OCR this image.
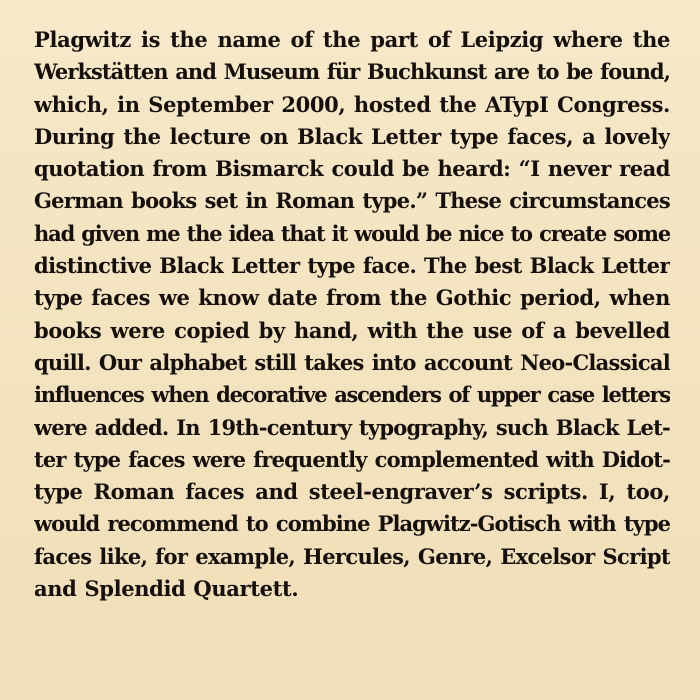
Plagwitz is the name of the part of Leipzig where the
Werkstätten and Museum für Buchkunst are to be found,
which, in September 2000, hosted the ATypI Congress.
During the lecture on Black Letter type faces, a lovely
quotation from Bismarck could be heard: “I never read
German books set in Roman type.” These circumstances
had given me the idea that it would be nice to create some
distinctive Black Letter type face. The best Black Letter
type faces we know date from the Gothic period, when
books were copied by hand, with the use of a bevelled
quill. Our alphabet still takes into account Neo-Classical
influences when decorative ascenders of upper case letters
were added. In 19th-century typography, such Black Let-
ter type faces were frequently complemented with Didot-
type Roman faces and steel-engraver’s scripts. I, too,
would recommend to combine Plagwitz-Gotisch with type
faces like, for example, Hercules, Genre, Excelsor Script
and Splendid Quartett.
